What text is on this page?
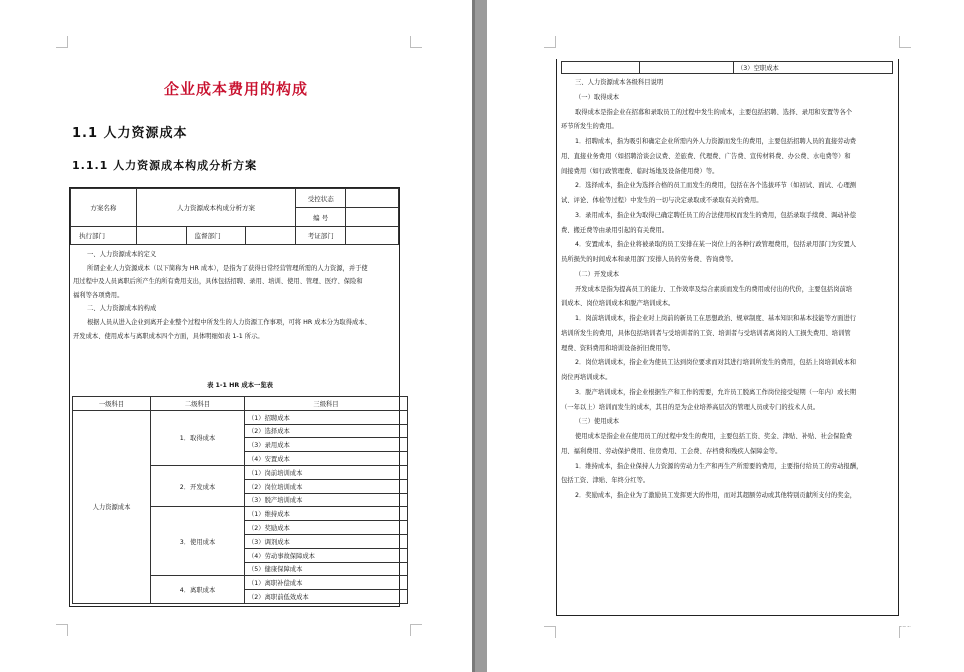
企业成本费用的构成
1.1 人力资源成本
1.1.1 人力资源成本构成分析方案
方案名称	人力资源成本构成分析方案			受控状态	
				编 号	
执行部门		监督部门		考证部门	

一、人力资源成本的定义

所谓企业人力资源成本（以下简称为 HR 成本），是指为了获得日常经营管理所需的人力资源，并于使

用过程中及人员离职后所产生的所有费用支出，具体包括招聘、录用、培训、使用、管理、医疗、保险和

福利等各项费用。

二、人力资源成本的构成

根据人员从进入企业到离开企业整个过程中所发生的人力资源工作事项，可将 HR 成本分为取得成本、

开发成本、使用成本与离职成本四个方面，具体明细如表 1-1 所示。

表 1-1 HR 成本一览表
一级科目	二级科目	三级科目
人力资源成本	1．取得成本	（1）招聘成本
		（2）选择成本
		（3）录用成本
		（4）安置成本
	2．开发成本	（1）岗前培训成本
		（2）岗位培训成本
		（3）脱产培训成本
	3．使用成本	（1）维持成本
		（2）奖励成本
		（3）调剂成本
		（4）劳动事故保障成本
		（5）健康保障成本
	4．离职成本	（1）离职补偿成本
		（2）离职前低效成本
		（3）空职成本

三、人力资源成本各级科目说明

（一）取得成本

取得成本是指企业在招募和录取员工的过程中发生的成本，主要包括招聘、选择、录用和安置等各个

环节所发生的费用。

1．招聘成本，指为吸引和确定企业所需内外人力资源而发生的费用，主要包括招聘人员的直接劳动费

用、直接业务费用（如招聘洽谈会议费、差旅费、代理费、广告费、宣传材料费、办公费、水电费等）和

间接费用（如行政管理费、临时场地及设备使用费）等。

2．选择成本，指企业为选择合格的员工而发生的费用，包括在各个选拔环节（如初试、面试、心理测

试、评论、体检等过程）中发生的一切与决定录取或不录取有关的费用。

3．录用成本，指企业为取得已确定聘任员工的合法使用权而发生的费用，包括录取手续费、调动补偿

费、搬迁费等由录用引起的有关费用。

4．安置成本，指企业将被录取的员工安排在某一岗位上的各种行政管理费用，包括录用部门为安置人

员所损失的时间成本和录用部门安排人员的劳务费、咨询费等。

（二）开发成本

开发成本是指为提高员工的能力、工作效率及综合素质而发生的费用或付出的代价，主要包括岗前培

训成本、岗位培训成本和脱产培训成本。

1．岗前培训成本，指企业对上岗前的新员工在思想政治、规章制度、基本知识和基本技能等方面进行

培训所发生的费用，具体包括培训者与受培训者的工资、培训者与受培训者离岗的人工损失费用、培训管

理费、资料费用和培训设备折旧费用等。

2．岗位培训成本，指企业为使员工达到岗位要求而对其进行培训所发生的费用，包括上岗培训成本和

岗位再培训成本。

3．脱产培训成本，指企业根据生产和工作的需要，允许员工脱离工作岗位接受短期（一年内）或长期

（一年以上）培训而发生的成本，其目的是为企业培养高层次的管理人员或专门的技术人员。

（三）使用成本

使用成本是指企业在使用员工的过程中发生的费用，主要包括工资、奖金、津贴、补贴、社会保险费

用、福利费用、劳动保护费用、住房费用、工会费、存档费和残疾人保障金等。

1．维持成本，指企业保持人力资源的劳动力生产和再生产所需要的费用，主要指付给员工的劳动报酬，

包括工资、津贴、年终分红等。

2．奖励成本，指企业为了激励员工发挥更大的作用，而对其超额劳动或其他特别贡献所支付的奖金，

HR成长在线
